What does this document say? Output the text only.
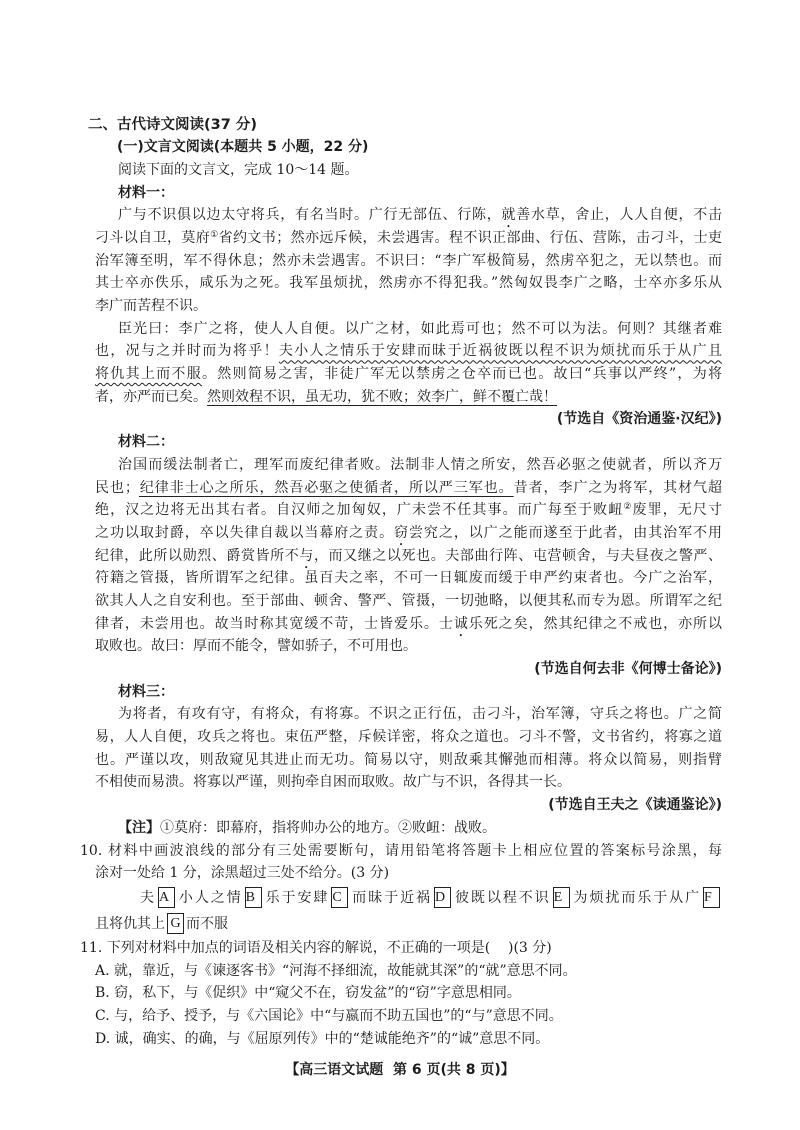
二、古代诗文阅读(37 分)
(一)文言文阅读(本题共 5 小题，22 分)
阅读下面的文言文，完成 10～14 题。
材料一：
广与不识俱以边太守将兵，有名当时。广行无部伍、行陈，就善水草，舍止，人人自便，不击
刁斗以自卫，莫府①省约文书；然亦远斥候，未尝遇害。程不识正部曲、行伍、营陈，击刁斗，士吏
治军簿至明，军不得休息；然亦未尝遇害。不识曰：“李广军极简易，然虏卒犯之，无以禁也。而
其士卒亦佚乐，咸乐为之死。我军虽烦扰，然虏亦不得犯我。”然匈奴畏李广之略，士卒亦多乐从
李广而苦程不识。
臣光曰：李广之将，使人人自便。以广之材，如此焉可也；然不可以为法。何则？其继者难
也，况与之并时而为将乎！夫小人之情乐于安肆而昧于近祸彼既以程不识为烦扰而乐于从广且
将仇其上而不服。然则简易之害，非徒广军无以禁虏之仓卒而已也。故曰“兵事以严终”，为将
者，亦严而已矣。然则效程不识，虽无功，犹不败；效李广，鲜不覆亡哉！
(节选自《资治通鉴·汉纪》)
材料二：
治国而缓法制者亡，理军而废纪律者败。法制非人情之所安，然吾必驱之使就者，所以齐万
民也；纪律非士心之所乐，然吾必驱之使循者，所以严三军也。昔者，李广之为将军，其材气超
绝，汉之边将无出其右者。自汉师之加匈奴，广未尝不任其事。而广每至于败衄②废罪，无尺寸
之功以取封爵，卒以失律自裁以当幕府之责。窃尝究之，以广之能而遂至于此者，由其治军不用
纪律，此所以勋烈、爵赏皆所不与，而又继之以死也。夫部曲行阵、屯营顿舍，与夫昼夜之警严、
符籍之管摄，皆所谓军之纪律。虽百夫之率，不可一日辄废而缓于申严约束者也。今广之治军，
欲其人人之自安利也。至于部曲、顿舍、警严、管摄，一切弛略，以便其私而专为恩。所谓军之纪
律者，未尝用也。故当时称其宽缓不苛，士皆爱乐。士诚乐死之矣，然其纪律之不戒也，亦所以
取败也。故曰：厚而不能令，譬如骄子，不可用也。
(节选自何去非《何博士备论》)
材料三：
为将者，有攻有守，有将众，有将寡。不识之正行伍，击刁斗，治军簿，守兵之将也。广之简
易，人人自便，攻兵之将也。束伍严整，斥候详密，将众之道也。刁斗不警，文书省约，将寡之道
也。严谨以攻，则敌窥见其进止而无功。简易以守，则敌乘其懈弛而相薄。将众以简易，则指臂
不相使而易溃。将寡以严谨，则拘牵自困而取败。故广与不识，各得其一长。
(节选自王夫之《读通鉴论》)
【注】①莫府：即幕府，指将帅办公的地方。②败衄：战败。
10. 材料中画波浪线的部分有三处需要断句，请用铅笔将答题卡上相应位置的答案标号涂黑，每
涂对一处给 1 分，涂黑超过三处不给分。(3 分)
夫 A 小人之情 B 乐于安肆 C 而昧于近祸 D 彼既以程不识 E 为烦扰而乐于从广 F
且将仇其上 G 而不服
11. 下列对材料中加点的词语及相关内容的解说，不正确的一项是(    )(3 分)
A. 就，靠近，与《谏逐客书》“河海不择细流，故能就其深”的“就”意思不同。
B. 窃，私下，与《促织》中“窥父不在，窃发盆”的“窃”字意思相同。
C. 与，给予、授予，与《六国论》中“与嬴而不助五国也”的“与”意思不同。
D. 诚，确实、的确，与《屈原列传》中的“楚诚能绝齐”的“诚”意思不同。
【高三语文试题  第 6 页(共 8 页)】
